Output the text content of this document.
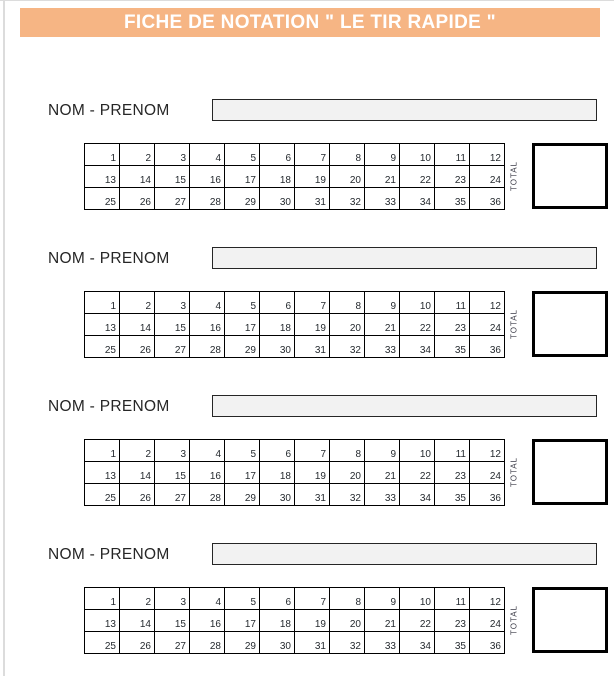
FICHE DE NOTATION " LE TIR RAPIDE "
NOM - PRENOM
1	2	3	4	5	6	7	8	9	10	11	12
13	14	15	16	17	18	19	20	21	22	23	24
25	26	27	28	29	30	31	32	33	34	35	36
TOTAL
NOM - PRENOM
1	2	3	4	5	6	7	8	9	10	11	12
13	14	15	16	17	18	19	20	21	22	23	24
25	26	27	28	29	30	31	32	33	34	35	36
TOTAL
NOM - PRENOM
1	2	3	4	5	6	7	8	9	10	11	12
13	14	15	16	17	18	19	20	21	22	23	24
25	26	27	28	29	30	31	32	33	34	35	36
TOTAL
NOM - PRENOM
1	2	3	4	5	6	7	8	9	10	11	12
13	14	15	16	17	18	19	20	21	22	23	24
25	26	27	28	29	30	31	32	33	34	35	36
TOTAL
